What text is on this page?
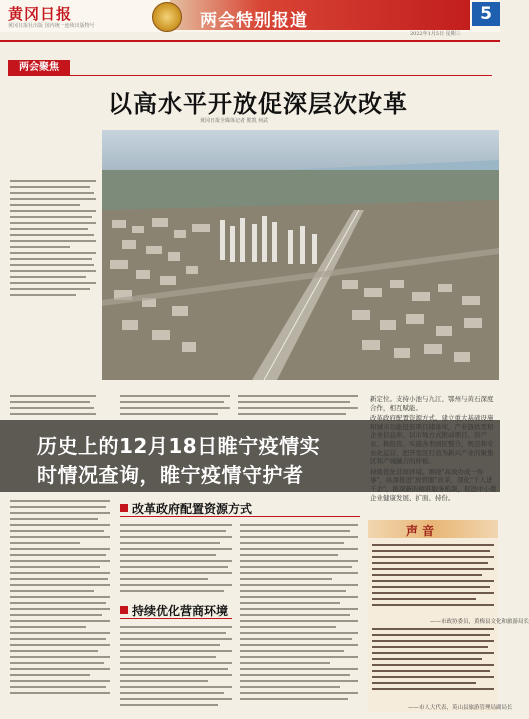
黄冈日报
黄冈日报社出版 国内统一连续出版物号	两会特别报道	5
2022年1月5日 星期三
两会聚焦
以高水平开放促深层次改革
黄冈日报全媒体记者 熊凯 何武
历史上的12月18日睢宁疫情实
时情况查询，睢宁疫情守护者
改革政府配置资源方式
持续优化营商环境

新定位。支持小池与九江、鄂州与黄石深度合作，相互赋能。

改革政府配置资源方式。建立重大基础设施和城市功能投资项目储备库，产业链供需和企业信息库，以市场方式推动项目、资产业、换投资。实施各类园区整合，规范和专业化运营，把开发区打造为新兴产业的聚集区和产城融合的样板。

持续优化营商环境。围绕"高效办成一件事"，纵深推进"放管服"改革，深化"千人进千企"，推深新的精准服务机制，促进中小微企业健康发展、扩面、持份。

声 音
——市政协委员，黄梅县文化和旅游局长
——市人大代表，英山县旅游管理局副局长
